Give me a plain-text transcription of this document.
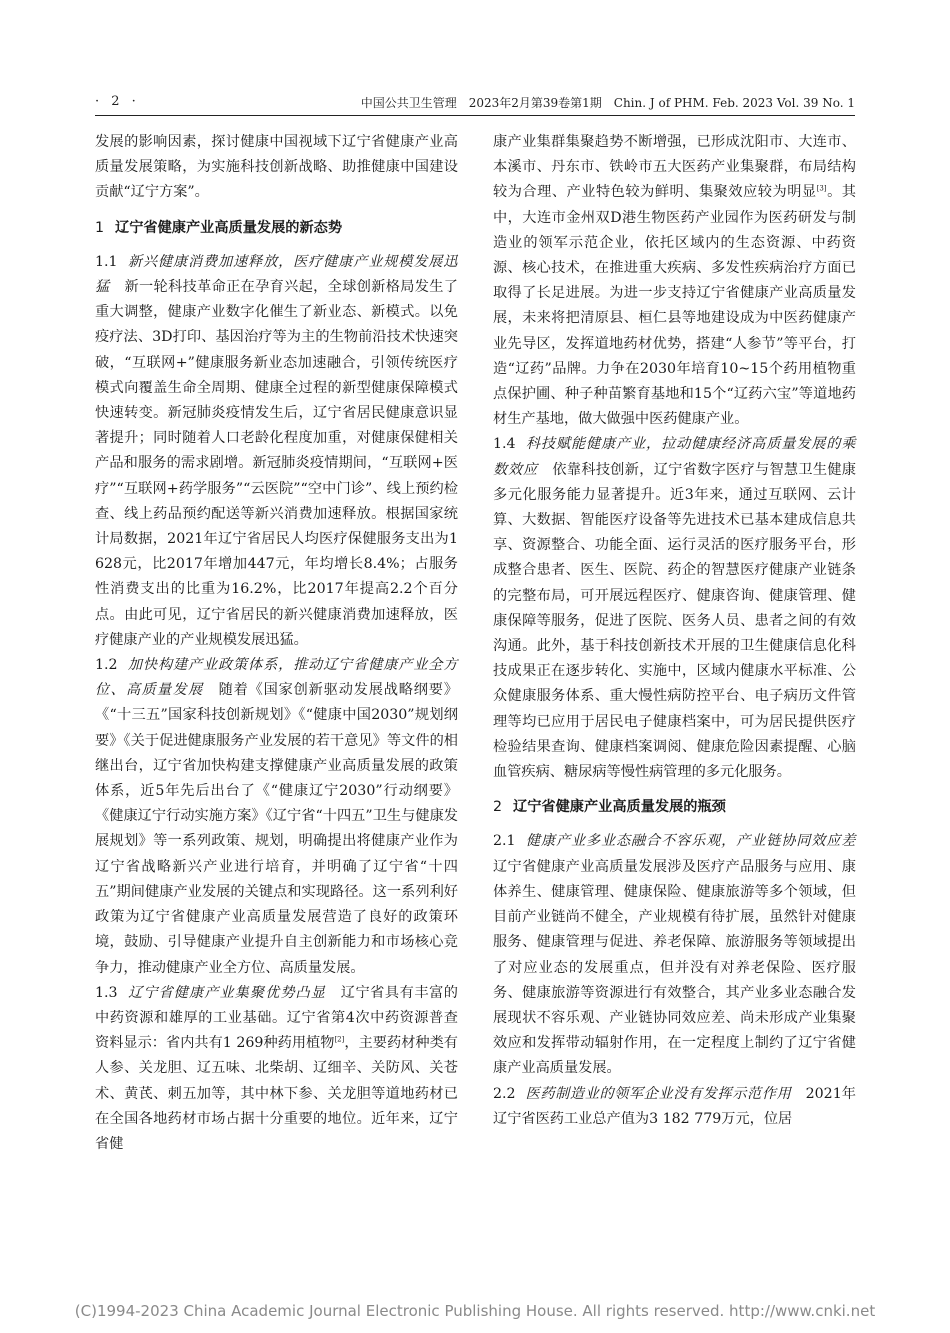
· 2 ·	中国公共卫生管理　2023年2月第39卷第1期　Chin. J of PHM. Feb. 2023 Vol. 39 No. 1

发展的影响因素，探讨健康中国视域下辽宁省健康产业高质量发展策略，为实施科技创新战略、助推健康中国建设贡献“辽宁方案”。

1 辽宁省健康产业高质量发展的新态势

1.1 新兴健康消费加速释放，医疗健康产业规模发展迅猛　 新一轮科技革命正在孕育兴起，全球创新格局发生了重大调整，健康产业数字化催生了新业态、新模式。以免疫疗法、3D打印、基因治疗等为主的生物前沿技术快速突破，“互联网+”健康服务新业态加速融合，引领传统医疗模式向覆盖生命全周期、健康全过程的新型健康保障模式快速转变。新冠肺炎疫情发生后，辽宁省居民健康意识显著提升；同时随着人口老龄化程度加重，对健康保健相关产品和服务的需求剧增。新冠肺炎疫情期间，“互联网+医疗”“互联网+药学服务”“云医院”“空中门诊”、线上预约检查、线上药品预约配送等新兴消费加速释放。根据国家统计局数据，2021年辽宁省居民人均医疗保健服务支出为1 628元，比2017年增加447元，年均增长8.4%；占服务性消费支出的比重为16.2%，比2017年提高2.2个百分点。由此可见，辽宁省居民的新兴健康消费加速释放，医疗健康产业的产业规模发展迅猛。

1.2 加快构建产业政策体系，推动辽宁省健康产业全方位、高质量发展　 随着《国家创新驱动发展战略纲要》《“十三五”国家科技创新规划》《“健康中国2030”规划纲要》《关于促进健康服务产业发展的若干意见》等文件的相继出台，辽宁省加快构建支撑健康产业高质量发展的政策体系，近5年先后出台了《“健康辽宁2030”行动纲要》《健康辽宁行动实施方案》《辽宁省“十四五”卫生与健康发展规划》等一系列政策、规划，明确提出将健康产业作为辽宁省战略新兴产业进行培育，并明确了辽宁省“十四五”期间健康产业发展的关键点和实现路径。这一系列利好政策为辽宁省健康产业高质量发展营造了良好的政策环境，鼓励、引导健康产业提升自主创新能力和市场核心竞争力，推动健康产业全方位、高质量发展。

1.3 辽宁省健康产业集聚优势凸显　 辽宁省具有丰富的中药资源和雄厚的工业基础。辽宁省第4次中药资源普查资料显示：省内共有1 269种药用植物[2]，主要药材种类有人参、关龙胆、辽五味、北柴胡、辽细辛、关防风、关苍术、黄芪、刺五加等，其中林下参、关龙胆等道地药材已在全国各地药材市场占据十分重要的地位。近年来，辽宁省健

康产业集群集聚趋势不断增强，已形成沈阳市、大连市、本溪市、丹东市、铁岭市五大医药产业集聚群，布局结构较为合理、产业特色较为鲜明、集聚效应较为明显[3]。其中，大连市金州双D港生物医药产业园作为医药研发与制造业的领军示范企业，依托区域内的生态资源、中药资源、核心技术，在推进重大疾病、多发性疾病治疗方面已取得了长足进展。为进一步支持辽宁省健康产业高质量发展，未来将把清原县、桓仁县等地建设成为中医药健康产业先导区，发挥道地药材优势，搭建“人参节”等平台，打造“辽药”品牌。力争在2030年培育10~15个药用植物重点保护圃、种子种苗繁育基地和15个“辽药六宝”等道地药材生产基地，做大做强中医药健康产业。

1.4 科技赋能健康产业，拉动健康经济高质量发展的乘数效应　 依靠科技创新，辽宁省数字医疗与智慧卫生健康多元化服务能力显著提升。近3年来，通过互联网、云计算、大数据、智能医疗设备等先进技术已基本建成信息共享、资源整合、功能全面、运行灵活的医疗服务平台，形成整合患者、医生、医院、药企的智慧医疗健康产业链条的完整布局，可开展远程医疗、健康咨询、健康管理、健康保障等服务，促进了医院、医务人员、患者之间的有效沟通。此外，基于科技创新技术开展的卫生健康信息化科技成果正在逐步转化、实施中，区域内健康水平标准、公众健康服务体系、重大慢性病防控平台、电子病历文件管理等均已应用于居民电子健康档案中，可为居民提供医疗检验结果查询、健康档案调阅、健康危险因素提醒、心脑血管疾病、糖尿病等慢性病管理的多元化服务。

2 辽宁省健康产业高质量发展的瓶颈

2.1 健康产业多业态融合不容乐观，产业链协同效应差　辽宁省健康产业高质量发展涉及医疗产品服务与应用、康体养生、健康管理、健康保险、健康旅游等多个领域，但目前产业链尚不健全，产业规模有待扩展，虽然针对健康服务、健康管理与促进、养老保障、旅游服务等领域提出了对应业态的发展重点，但并没有对养老保险、医疗服务、健康旅游等资源进行有效整合，其产业多业态融合发展现状不容乐观、产业链协同效应差、尚未形成产业集聚效应和发挥带动辐射作用，在一定程度上制约了辽宁省健康产业高质量发展。

2.2 医药制造业的领军企业没有发挥示范作用　 2021年辽宁省医药工业总产值为3 182 779万元，位居

(C)1994-2023 China Academic Journal Electronic Publishing House. All rights reserved. http://www.cnki.net
